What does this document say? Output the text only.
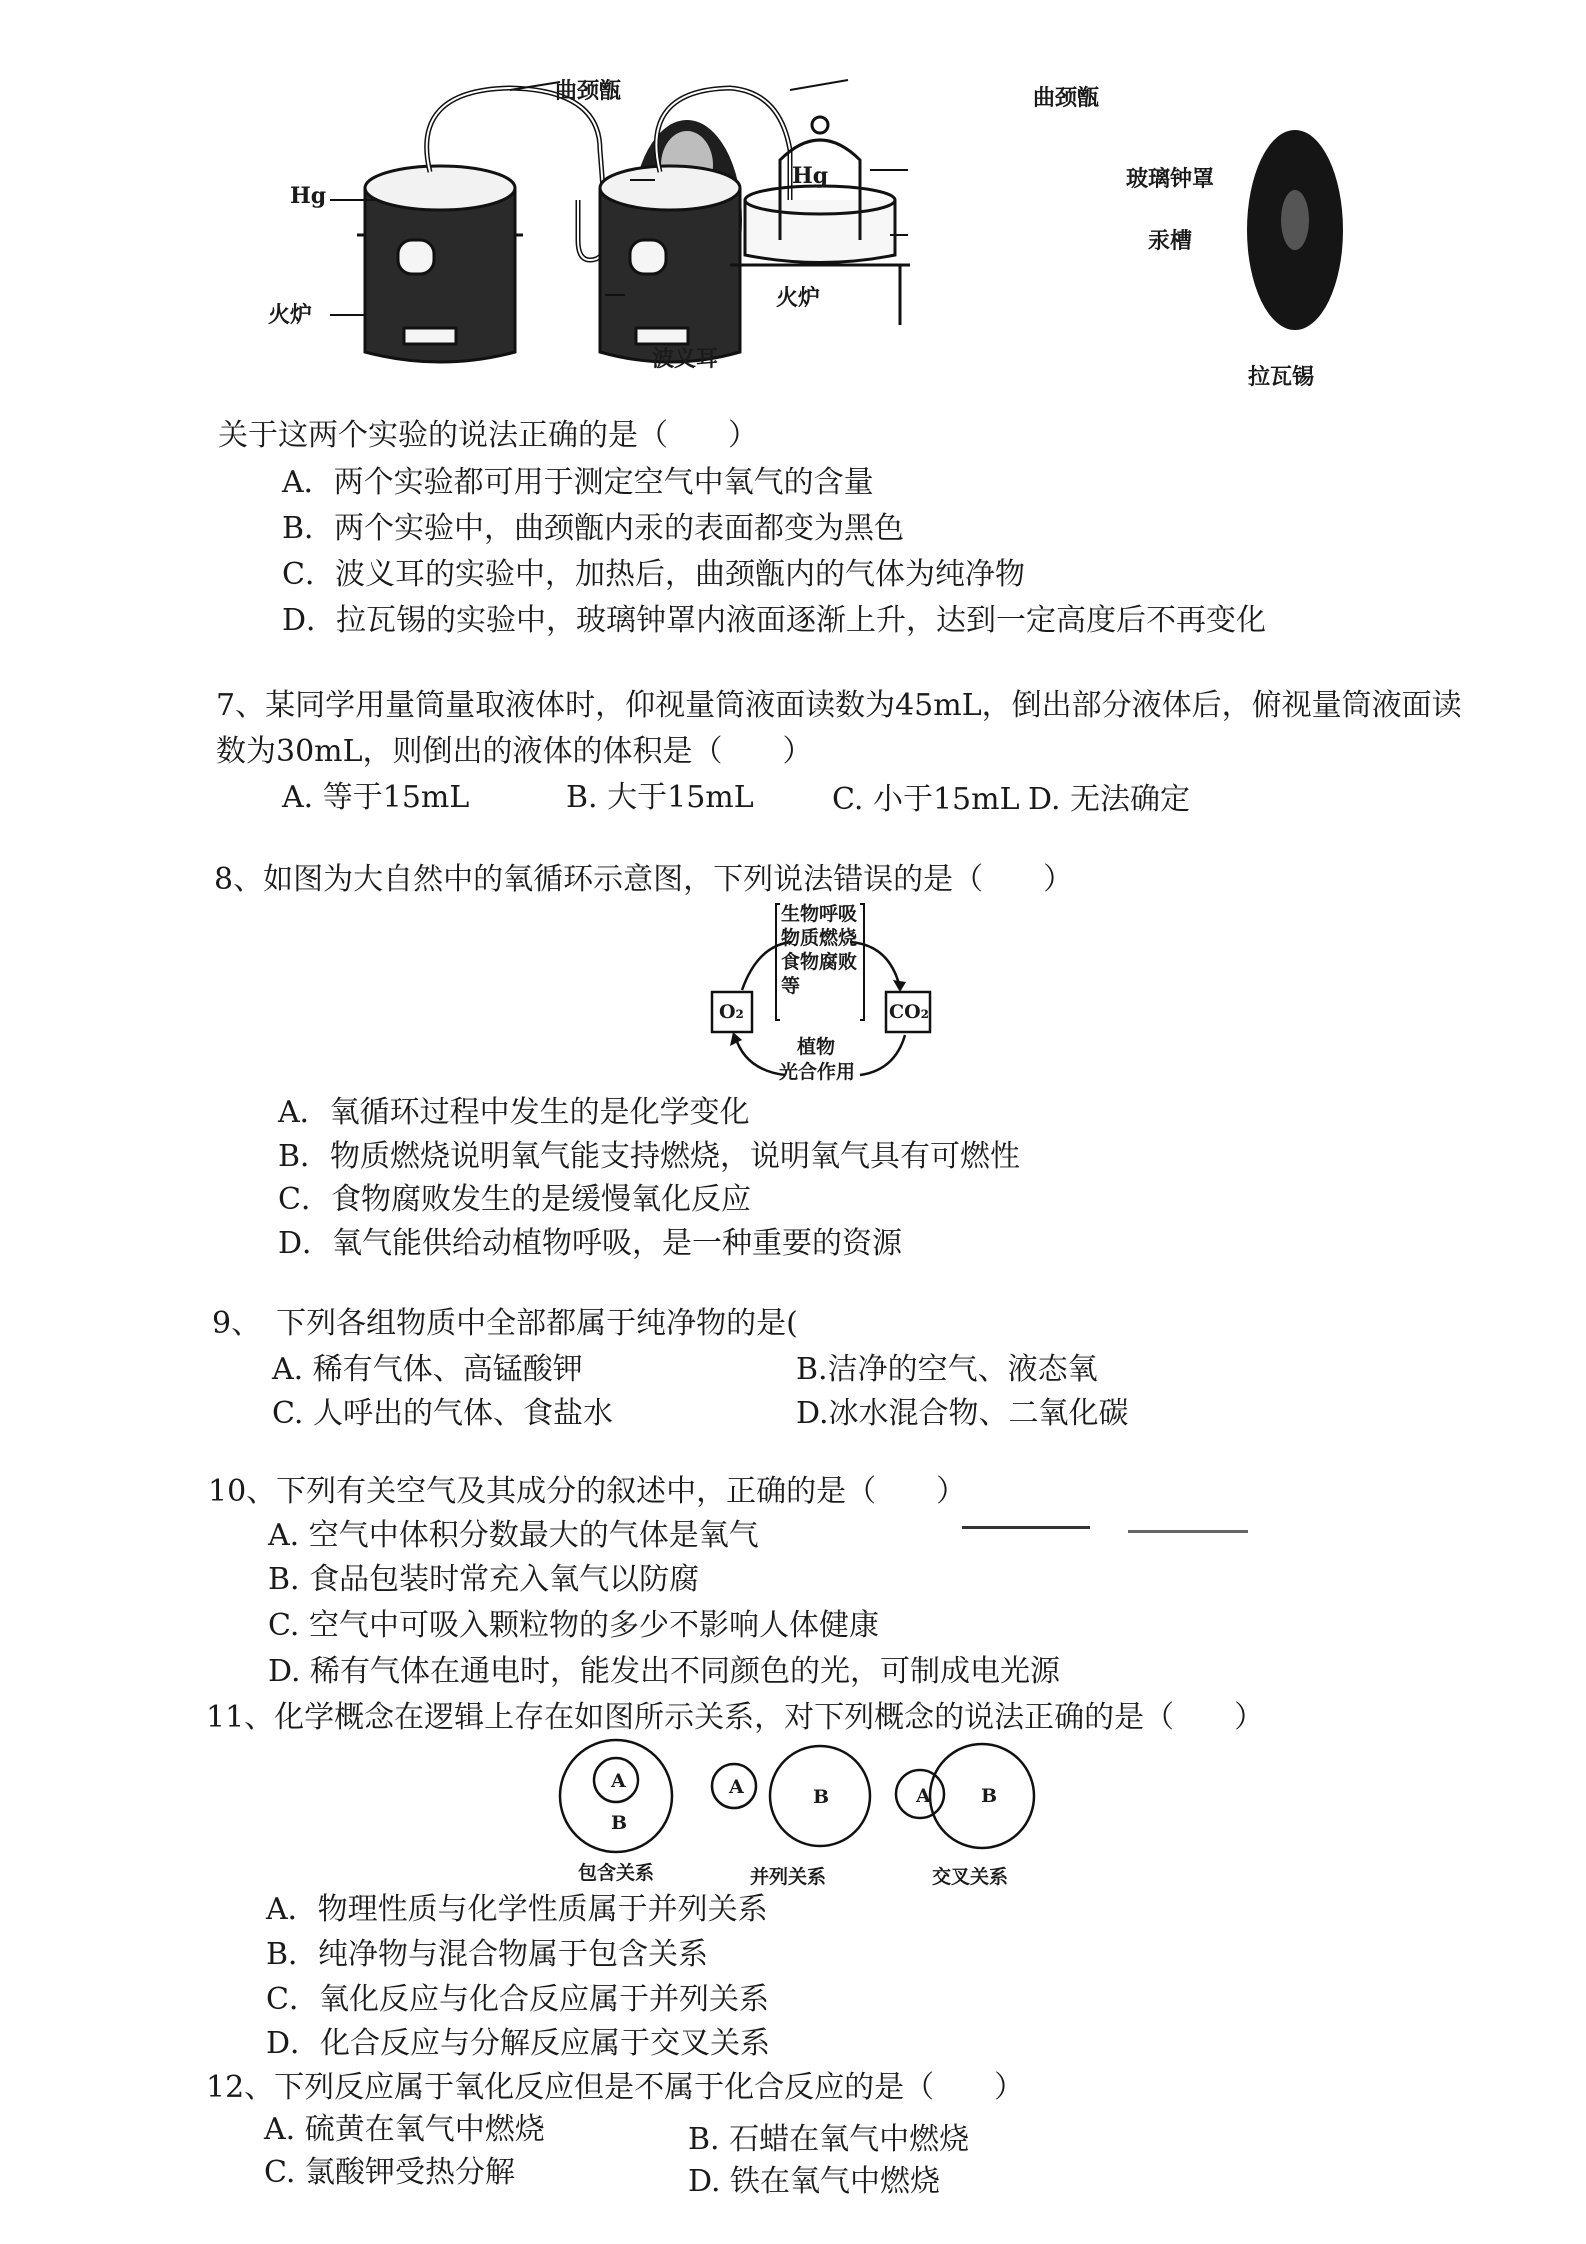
曲颈甑
Hg
火炉
波义耳
曲颈甑
Hg	玻璃钟罩
汞槽
火炉
拉瓦锡
关于这两个实验的说法正确的是（　　）
A．两个实验都可用于测定空气中氧气的含量
B．两个实验中，曲颈甑内汞的表面都变为黑色
C．波义耳的实验中，加热后，曲颈甑内的气体为纯净物
D．拉瓦锡的实验中，玻璃钟罩内液面逐渐上升，达到一定高度后不再变化
7、某同学用量筒量取液体时，仰视量筒液面读数为45mL，倒出部分液体后，俯视量筒液面读
数为30mL，则倒出的液体的体积是（　　）
A. 等于15mL	B. 大于15mL	C. 小于15mL D. 无法确定
8、如图为大自然中的氧循环示意图，下列说法错误的是（　　）
生物呼吸
物质燃烧
食物腐败
等
O₂	CO₂
植物
光合作用
A．氧循环过程中发生的是化学变化
B．物质燃烧说明氧气能支持燃烧，说明氧气具有可燃性
C．食物腐败发生的是缓慢氧化反应
D．氧气能供给动植物呼吸，是一种重要的资源
9、　下列各组物质中全部都属于纯净物的是(
A. 稀有气体、高锰酸钾	B.洁净的空气、液态氧
C. 人呼出的气体、食盐水	D.冰水混合物、二氧化碳
10、下列有关空气及其成分的叙述中，正确的是（　　）
A. 空气中体积分数最大的气体是氧气
B. 食品包装时常充入氧气以防腐
C. 空气中可吸入颗粒物的多少不影响人体健康
D. 稀有气体在通电时，能发出不同颜色的光，可制成电光源
11、化学概念在逻辑上存在如图所示关系，对下列概念的说法正确的是（　　）
A
B
A	B	A	B
包含关系	并列关系	交叉关系
A．物理性质与化学性质属于并列关系
B．纯净物与混合物属于包含关系
C．氧化反应与化合反应属于并列关系
D．化合反应与分解反应属于交叉关系
12、下列反应属于氧化反应但是不属于化合反应的是（　　）
A. 硫黄在氧气中燃烧	B. 石蜡在氧气中燃烧
C. 氯酸钾受热分解	D. 铁在氧气中燃烧
